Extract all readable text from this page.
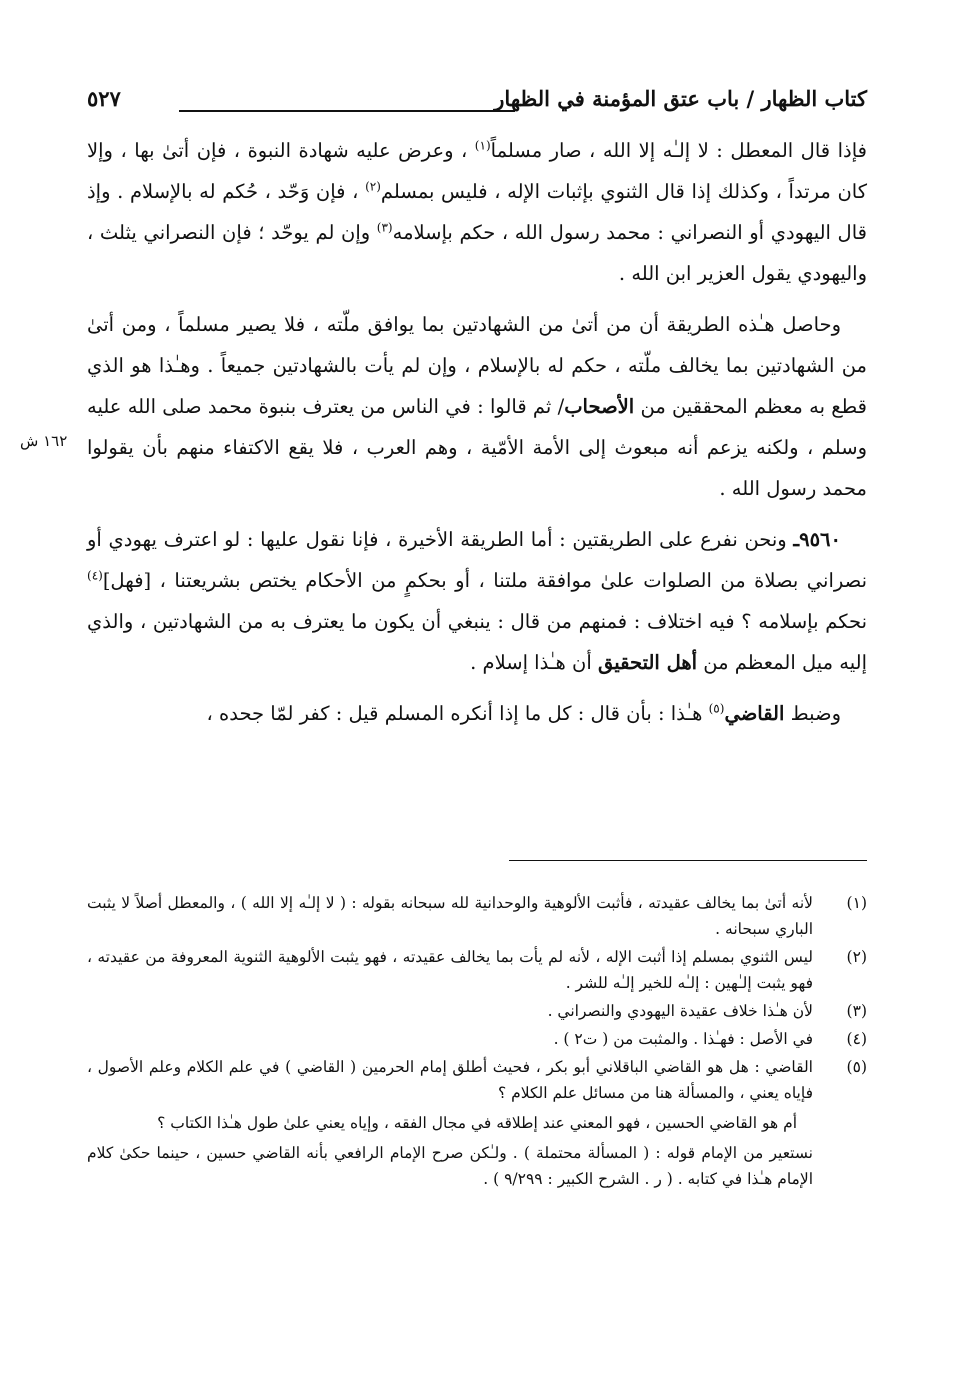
كتاب الظهار / باب عتق المؤمنة في الظهار
٥٢٧
١٦٢ ش

فإذا قال المعطل : لا إلـٰه إلا الله ، صار مسلماً$^{(١)}$ ، وعرض عليه شهادة النبوة ، فإن أتىٰ بها ، وإلا كان مرتداً ، وكذلك إذا قال الثنوي بإثبات الإله ، فليس بمسلم$^{(٢)}$ ، فإن وَحّد ، حُكم له بالإسلام . وإذ قال اليهودي أو النصراني : محمد رسول الله ، حكم بإسلامه$^{(٣)}$ وإن لم يوحّد ؛ فإن النصراني يثلث ، واليهودي يقول العزير ابن الله .

وحاصل هـٰذه الطريقة أن من أتىٰ من الشهادتين بما يوافق ملّته ، فلا يصير مسلماً ، ومن أتىٰ من الشهادتين بما يخالف ملّته ، حكم له بالإسلام ، وإن لم يأت بالشهادتين جميعاً . وهـٰذا هو الذي قطع به معظم المحققين من الأصحاب/ ثم قالوا : في الناس من يعترف بنبوة محمد صلى الله عليه وسلم ، ولكنه يزعم أنه مبعوث إلى الأمة الأمّية ، وهم العرب ، فلا يقع الاكتفاء منهم بأن يقولوا محمد رسول الله .

٩٥٦٠ـ ونحن نفرع على الطريقتين : أما الطريقة الأخيرة ، فإنا نقول عليها : لو اعترف يهودي أو نصراني بصلاة من الصلوات علىٰ موافقة ملتنا ، أو بحكمٍ من الأحكام يختص بشريعتنا ، [فهل]$^{(٤)}$ نحكم بإسلامه ؟ فيه اختلاف : فمنهم من قال : ينبغي أن يكون ما يعترف به من الشهادتين ، والذي إليه ميل المعظم من أهل التحقيق أن هـٰذا إسلام .

وضبط القاضي$^{(٥)}$ هـٰذا : بأن قال : كل ما إذا أنكره المسلم قيل : كفر لمّا جحده ،

(١)
لأنه أتىٰ بما يخالف عقيدته ، فأثبت الألوهية والوحدانية لله سبحانه بقوله : ( لا إلـٰه إلا الله ) ، والمعطل أصلاً لا يثبت الباري سبحانه .
(٢)
ليس الثنوي بمسلم إذا أثبت الإله ، لأنه لم يأت بما يخالف عقيدته ، فهو يثبت الألوهية الثنوية المعروفة من عقيدته ، فهو يثبت إلـٰهين : إلـٰه للخير إلـٰه للشر .
(٣)
لأن هـٰذا خلاف عقيدة اليهودي والنصراني .
(٤)
في الأصل : فهـٰذا . والمثبت من ( ت٢ ) .
(٥)
القاضي : هل هو القاضي الباقلاني أبو بكر ، فحيث أطلق إمام الحرمين ( القاضي ) في علم الكلام وعلم الأصول ، فإياه يعني ، والمسألة هنا من مسائل علم الكلام ؟
أم هو القاضي الحسين ، فهو المعني عند إطلاقه في مجال الفقه ، وإياه يعني علىٰ طول هـٰذا الكتاب ؟
نستعير من الإمام قوله : ( المسألة محتملة ) . ولـٰكن صرح الإمام الرافعي بأنه القاضي حسين ، حينما حكىٰ كلام الإمام هـٰذا في كتابه . ( ر . الشرح الكبير : ٩/٢٩٩ ) .
